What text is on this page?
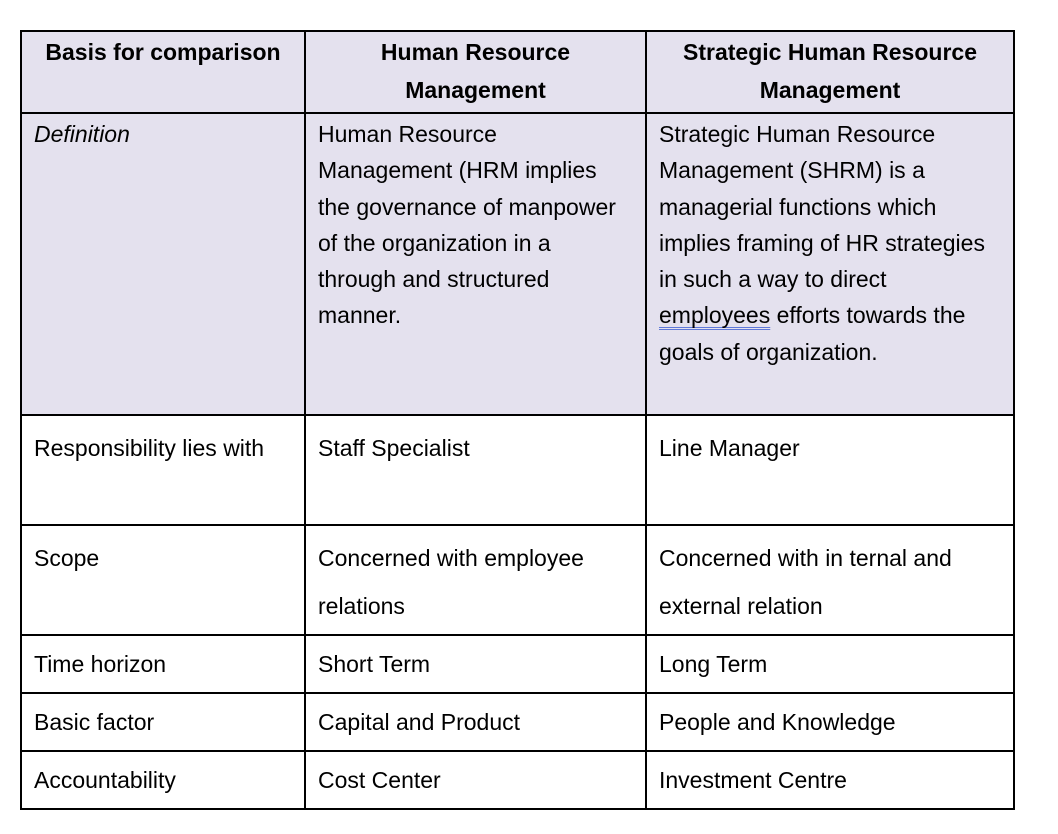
Basis for comparison	Human Resource Management	Strategic Human Resource Management
Definition	Human Resource Management (HRM implies the governance of manpower of the organization in a through and structured manner.	Strategic Human Resource Management (SHRM) is a managerial functions which implies framing of HR strategies in such a way to direct employees efforts towards the goals of organization.
Responsibility lies with	Staff Specialist	Line Manager
Scope	Concerned with employee relations	Concerned with in ternal and external relation
Time horizon	Short Term	Long Term
Basic factor	Capital and Product	People and Knowledge
Accountability	Cost Center	Investment Centre
